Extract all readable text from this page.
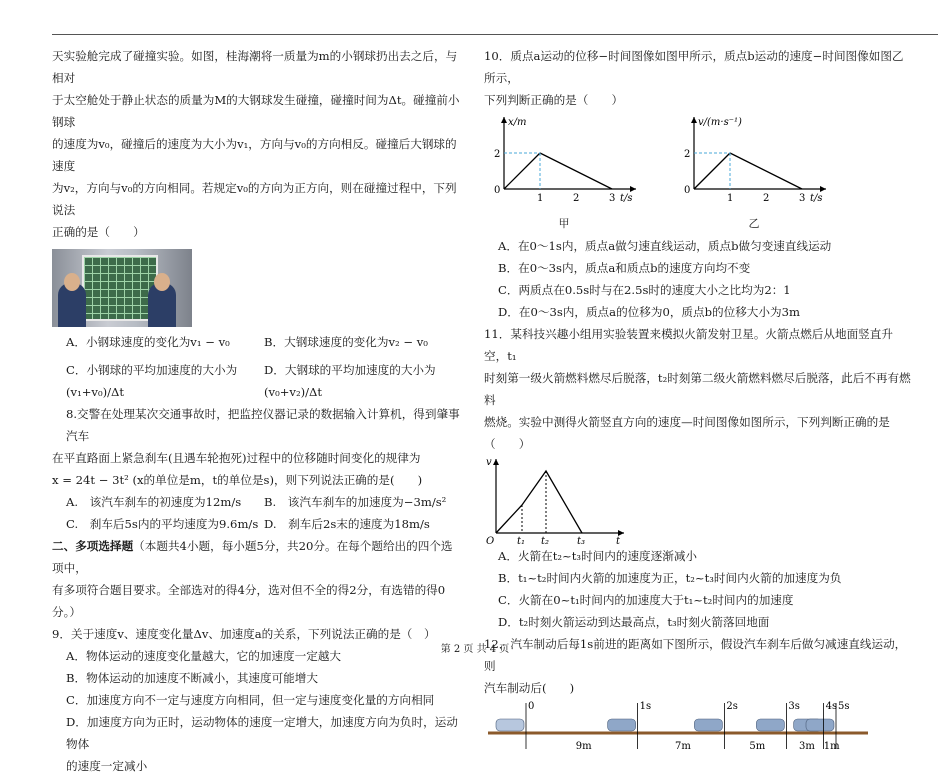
天实验舱完成了碰撞实验。如图，桂海潮将一质量为m的小钢球扔出去之后，与相对

于太空舱处于静止状态的质量为M的大钢球发生碰撞，碰撞时间为Δt。碰撞前小钢球

的速度为v₀，碰撞后的速度为大小为v₁，方向与v₀的方向相反。碰撞后大钢球的速度

为v₂，方向与v₀的方向相同。若规定v₀的方向为正方向，则在碰撞过程中，下列说法

正确的是（　　）

A．小钢球速度的变化为v₁ − v₀	B．大钢球速度的变化为v₂ − v₀
C．小钢球的平均加速度的大小为(v₁+v₀)/Δt
D．大钢球的平均加速度的大小为(v₀+v₂)/Δt

8.交警在处理某次交通事故时，把监控仪器记录的数据输入计算机，得到肇事汽车

在平直路面上紧急刹车(且遇车轮抱死)过程中的位移随时间变化的规律为

x = 24t − 3t² (x的单位是m，t的单位是s)，则下列说法正确的是(　　)

A.　该汽车刹车的初速度为12m/s	B.　该汽车刹车的加速度为−3m/s²
C.　刹车后5s内的平均速度为9.6m/s D.　刹车后2s末的速度为18m/s

二、多项选择题（本题共4小题，每小题5分，共20分。在每个题给出的四个选项中，

有多项符合题目要求。全部选对的得4分，选对但不全的得2分，有选错的得0分。）

9．关于速度v、速度变化量Δv、加速度a的关系，下列说法正确的是（　）

A．物体运动的速度变化量越大，它的加速度一定越大

B．物体运动的加速度不断减小，其速度可能增大

C．加速度方向不一定与速度方向相同，但一定与速度变化量的方向相同

D．加速度方向为正时，运动物体的速度一定增大，加速度方向为负时，运动物体

的速度一定减小

10．质点a运动的位移−时间图像如图甲所示，质点b运动的速度−时间图像如图乙所示，

下列判断正确的是（　　）

x/m
2
0
1	2	3 t/s
甲
v/(m·s⁻¹)
2
0
1	2	3 t/s
乙

A．在0～1s内，质点a做匀速直线运动，质点b做匀变速直线运动

B．在0～3s内，质点a和质点b的速度方向均不变

C．两质点在0.5s时与在2.5s时的速度大小之比均为2：1

D．在0～3s内，质点a的位移为0，质点b的位移大小为3m

11．某科技兴趣小组用实验装置来模拟火箭发射卫星。火箭点燃后从地面竖直升空，t₁

时刻第一级火箭燃料燃尽后脱落，t₂时刻第二级火箭燃料燃尽后脱落，此后不再有燃料

燃烧。实验中测得火箭竖直方向的速度—时间图像如图所示，下列判断正确的是（　　）

v
O t₁ t₂	t₃	t

A．火箭在t₂~t₃时间内的速度逐渐减小

B．t₁~t₂时间内火箭的加速度为正，t₂~t₃时间内火箭的加速度为负

C．火箭在0~t₁时间内的加速度大于t₁~t₂时间内的加速度

D．t₂时刻火箭运动到达最高点，t₃时刻火箭落回地面

12．汽车制动后每1s前进的距离如下图所示，假设汽车刹车后做匀减速直线运动，则

汽车制动后(　　)

0	1s	2s	3s	4s 5s
9m	7m	5m	3m 1m
第 2 页 共 4 页
